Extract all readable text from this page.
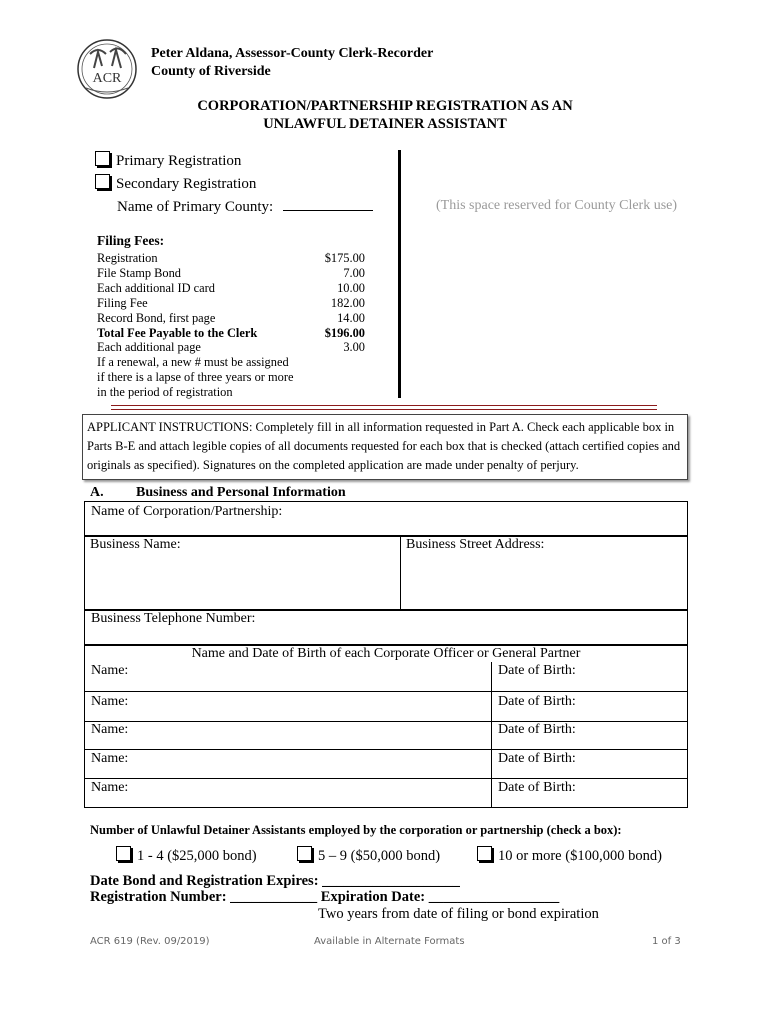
ACR
Peter Aldana, Assessor-County Clerk-Recorder
County of Riverside
CORPORATION/PARTNERSHIP REGISTRATION AS AN
UNLAWFUL DETAINER ASSISTANT
Primary Registration
Secondary Registration
Name of Primary County:	(This space reserved for County Clerk use)
Filing Fees:
Registration	$175.00
File Stamp Bond	7.00
Each additional ID card	10.00
Filing Fee	182.00
Record Bond, first page	14.00
Total Fee Payable to the Clerk	$196.00
Each additional page	3.00
If a renewal, a new # must be assigned if there is a lapse of three years or more in the period of registration
APPLICANT INSTRUCTIONS: Completely fill in all information requested in Part A. Check each applicable box in Parts B-E and attach legible copies of all documents requested for each box that is checked (attach certified copies and originals as specified). Signatures on the completed application are made under penalty of perjury.
A. Business and Personal Information
Name of Corporation/Partnership:
Business Name:	Business Street Address:
Business Telephone Number:
Name and Date of Birth of each Corporate Officer or General Partner
Name:	Date of Birth:
Name:	Date of Birth:
Name:	Date of Birth:
Name:	Date of Birth:
Name:	Date of Birth:
Number of Unlawful Detainer Assistants employed by the corporation or partnership (check a box):
1 - 4 ($25,000 bond)	5 – 9 ($50,000 bond)	10 or more ($100,000 bond)
Date Bond and Registration Expires: ___________________
Registration Number: ____________ Expiration Date: __________________
Two years from date of filing or bond expiration
ACR 619 (Rev. 09/2019)	Available in Alternate Formats	1 of 3
